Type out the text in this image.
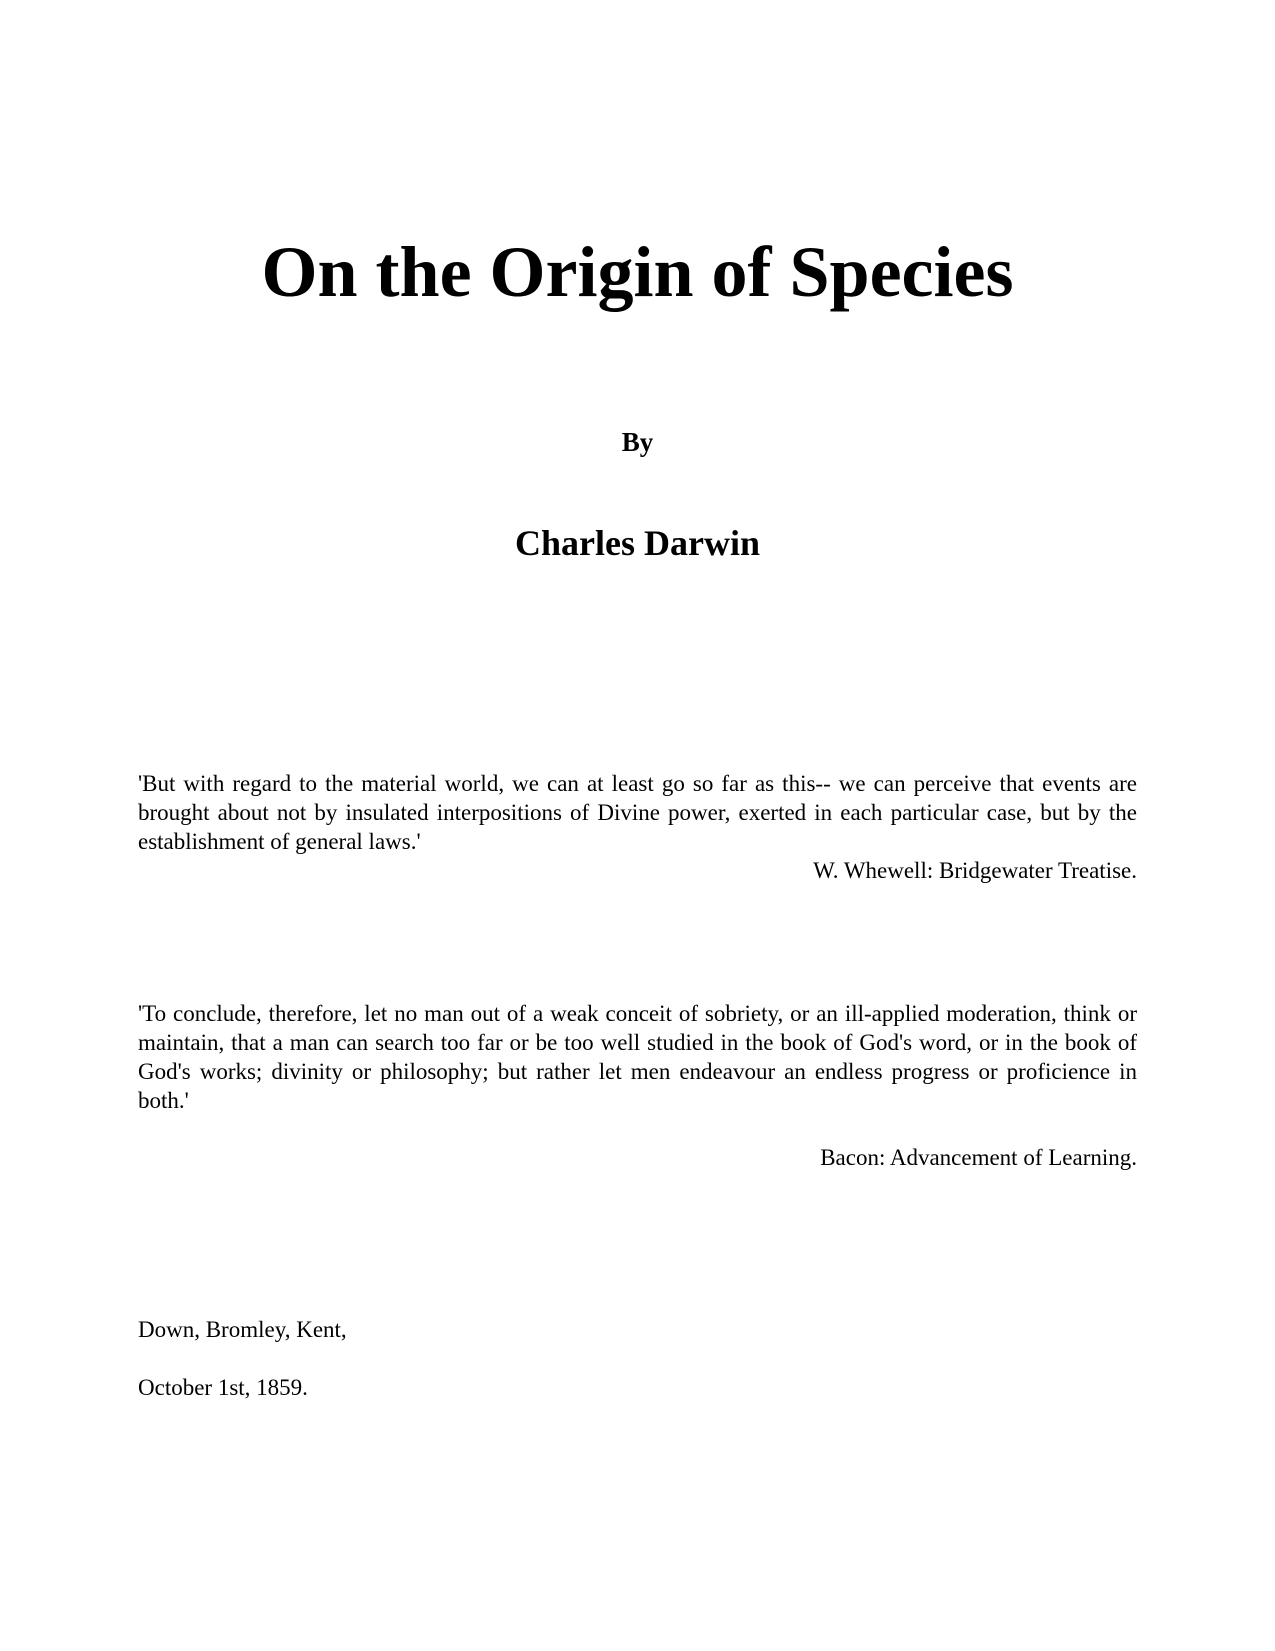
On the Origin of Species

By

Charles Darwin

'But with regard to the material world, we can at least go so far as this-- we can perceive that events are brought about not by insulated interpositions of Divine power, exerted in each particular case, but by the establishment of general laws.'

W. Whewell: Bridgewater Treatise.

'To conclude, therefore, let no man out of a weak conceit of sobriety, or an ill-applied moderation, think or maintain, that a man can search too far or be too well studied in the book of God's word, or in the book of God's works; divinity or philosophy; but rather let men endeavour an endless progress or proficience in both.'

Bacon: Advancement of Learning.

Down, Bromley, Kent,

October 1st, 1859.
